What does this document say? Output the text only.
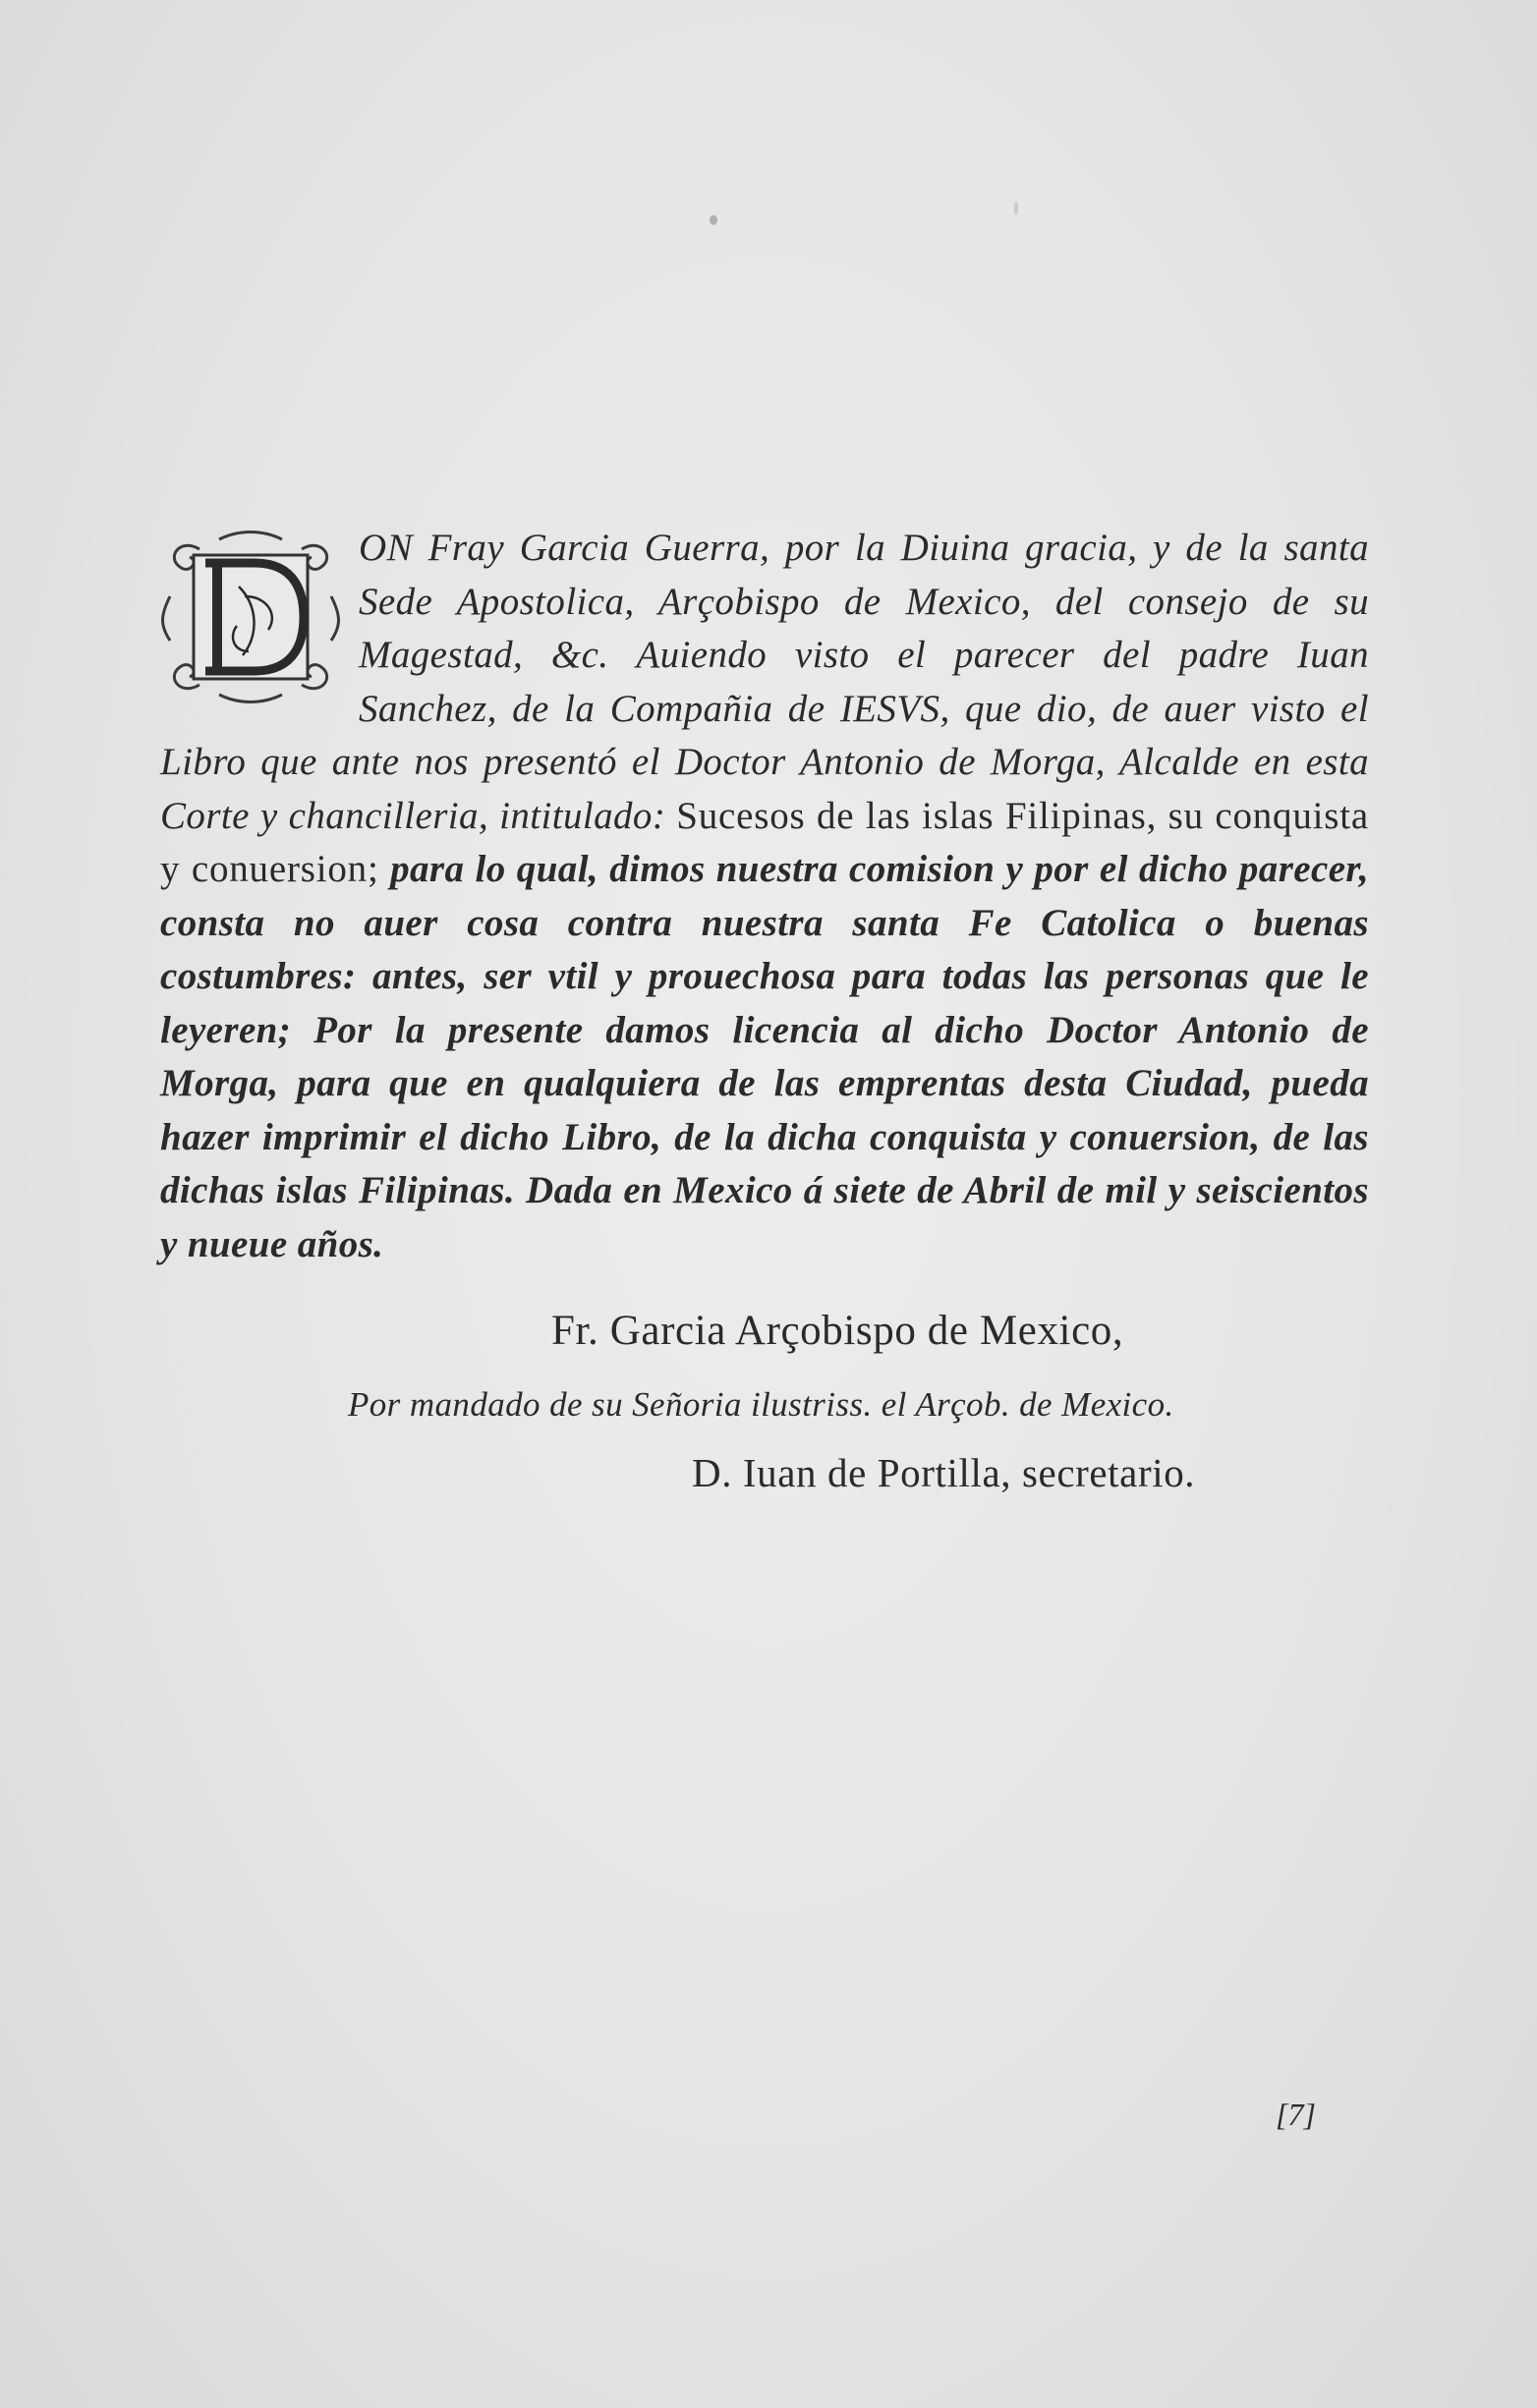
ON Fray Garcia Guerra, por la Diuina gracia, y de la santa Sede Apostolica, Arçobispo de Mexico, del consejo de su Magestad, &c. Auiendo visto el parecer del padre Iuan Sanchez, de la Compañia de IESVS, que dio, de auer visto el Libro que ante nos presentó el Doctor Antonio de Morga, Alcalde en esta Corte y chancilleria, intitulado: Sucesos de las islas Filipinas, su conquista y conuersion; para lo qual, dimos nuestra comision y por el dicho parecer, consta no auer cosa contra nuestra santa Fe Catolica o buenas costumbres: antes, ser vtil y prouechosa para todas las personas que le leyeren; Por la presente damos licencia al dicho Doctor Antonio de Morga, para que en qualquiera de las emprentas desta Ciudad, pueda hazer imprimir el dicho Libro, de la dicha conquista y conuersion, de las dichas islas Filipinas. Dada en Mexico á siete de Abril de mil y seiscientos y nueue años.

Fr. Garcia Arçobispo de Mexico,
Por mandado de su Señoria ilustriss. el Arçob. de Mexico.
D. Iuan de Portilla, secretario.
[7]
